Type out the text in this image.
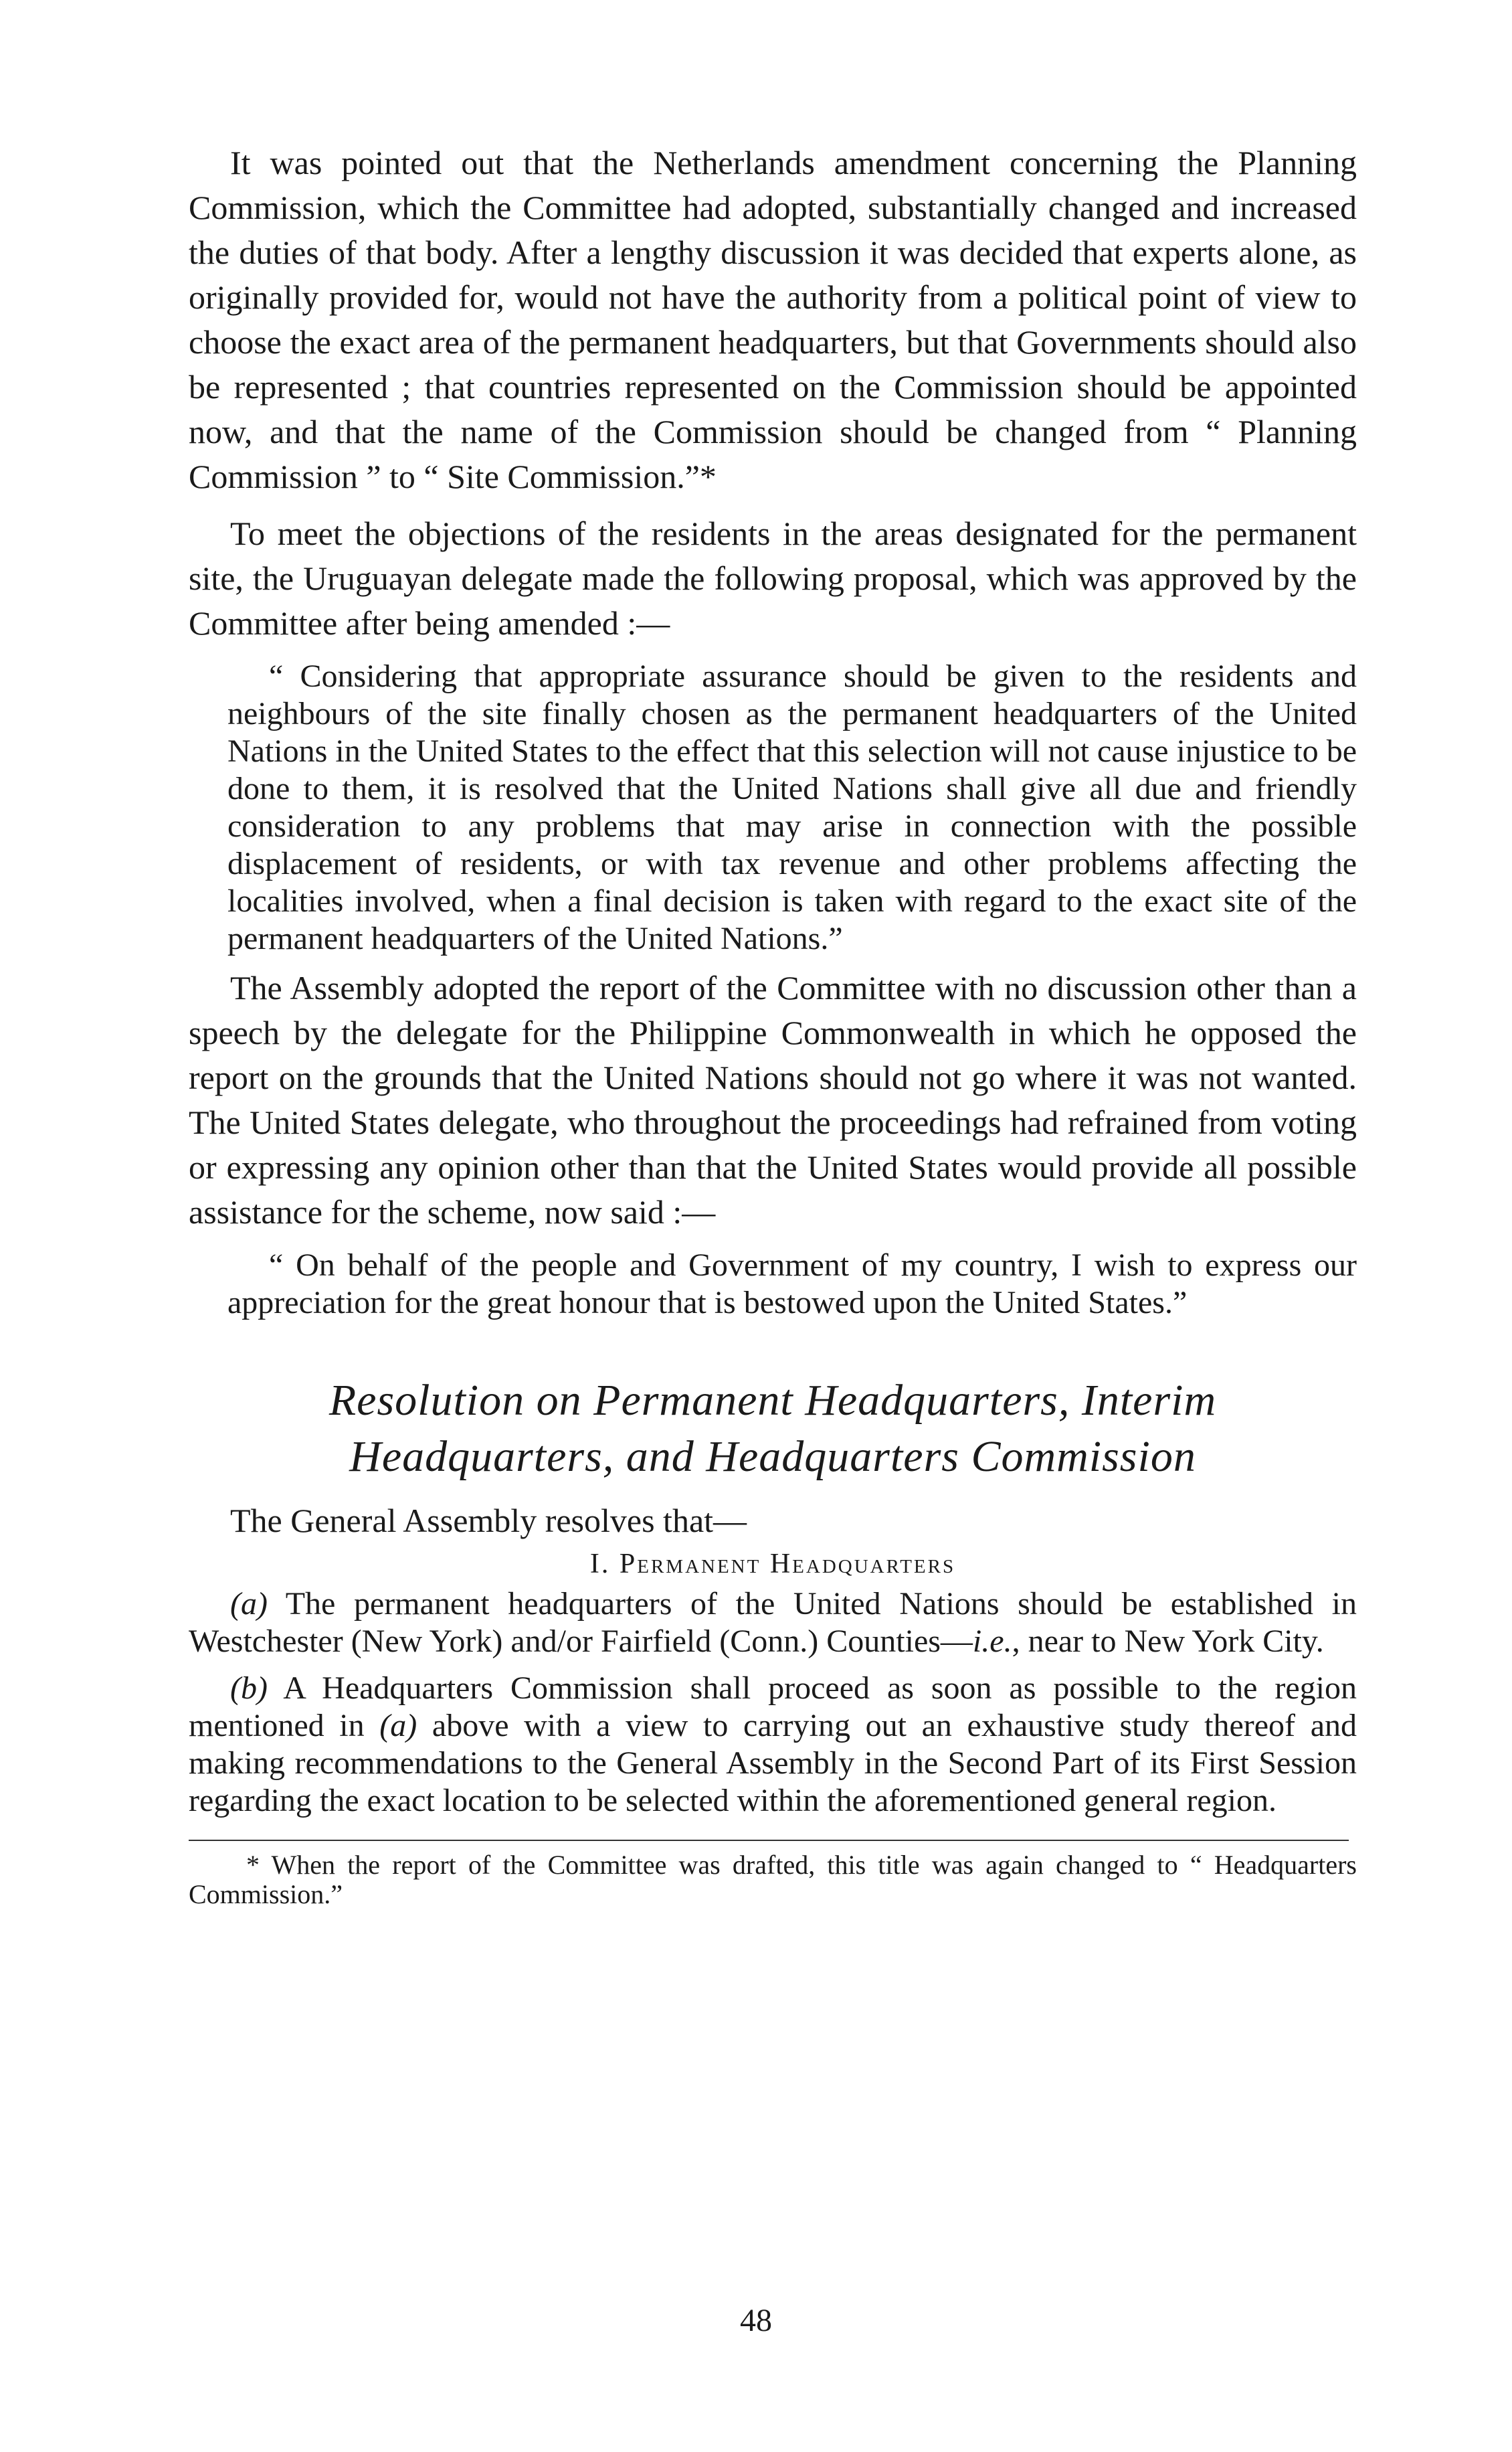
It was pointed out that the Netherlands amendment concerning the Planning Commission, which the Committee had adopted, substantially changed and increased the duties of that body. After a lengthy discussion it was decided that experts alone, as originally provided for, would not have the authority from a political point of view to choose the exact area of the permanent headquarters, but that Governments should also be represented ; that countries represented on the Commission should be appointed now, and that the name of the Commission should be changed from “ Planning Commission ” to “ Site Commission.”*

To meet the objections of the residents in the areas designated for the permanent site, the Uruguayan delegate made the following proposal, which was approved by the Committee after being amended :—

“ Considering that appropriate assurance should be given to the residents and neighbours of the site finally chosen as the permanent headquarters of the United Nations in the United States to the effect that this selection will not cause injustice to be done to them, it is resolved that the United Nations shall give all due and friendly consideration to any problems that may arise in connection with the possible displacement of residents, or with tax revenue and other problems affecting the localities involved, when a final decision is taken with regard to the exact site of the permanent headquarters of the United Nations.”

The Assembly adopted the report of the Committee with no discussion other than a speech by the delegate for the Philippine Commonwealth in which he opposed the report on the grounds that the United Nations should not go where it was not wanted. The United States delegate, who throughout the proceedings had refrained from voting or expressing any opinion other than that the United States would provide all possible assistance for the scheme, now said :—

“ On behalf of the people and Government of my country, I wish to express our appreciation for the great honour that is bestowed upon the United States.”

Resolution on Permanent Headquarters, Interim
Headquarters, and Headquarters Commission

The General Assembly resolves that—

I. Permanent Headquarters

(a) The permanent headquarters of the United Nations should be established in Westchester (New York) and/or Fairfield (Conn.) Counties—i.e., near to New York City.

(b) A Headquarters Commission shall proceed as soon as possible to the region mentioned in (a) above with a view to carrying out an exhaustive study thereof and making recommendations to the General Assembly in the Second Part of its First Session regarding the exact location to be selected within the aforementioned general region.

* When the report of the Committee was drafted, this title was again changed to “ Headquarters Commission.”

48
